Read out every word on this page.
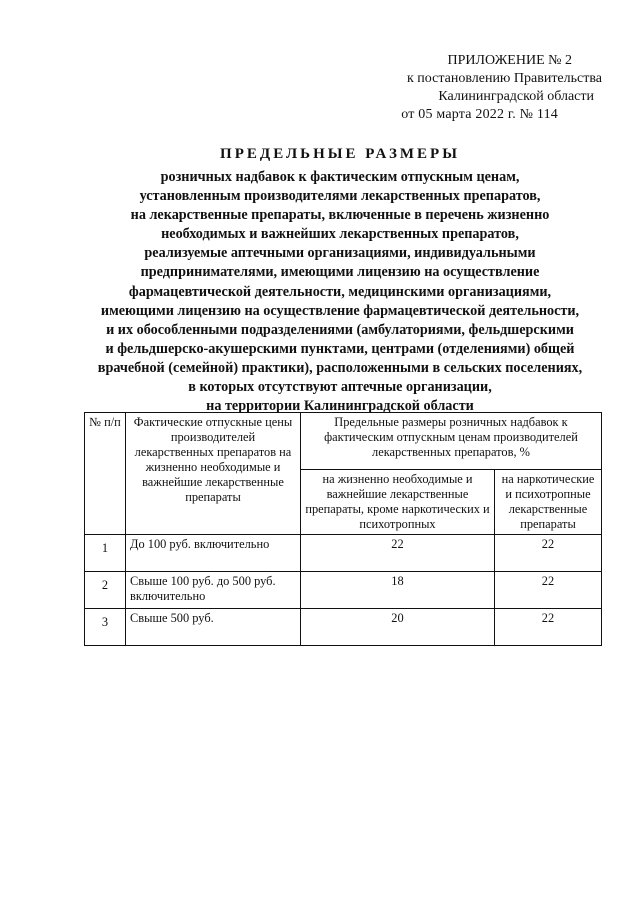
ПРИЛОЖЕНИЕ № 2
к постановлению Правительства
Калининградской области
от 05 марта 2022 г. № 114
ПРЕДЕЛЬНЫЕ РАЗМЕРЫ
розничных надбавок к фактическим отпускным ценам,
установленным производителями лекарственных препаратов,
на лекарственные препараты, включенные в перечень жизненно
необходимых и важнейших лекарственных препаратов,
реализуемые аптечными организациями, индивидуальными
предпринимателями, имеющими лицензию на осуществление
фармацевтической деятельности, медицинскими организациями,
имеющими лицензию на осуществление фармацевтической деятельности,
и их обособленными подразделениями (амбулаториями, фельдшерскими
и фельдшерско-акушерскими пунктами, центрами (отделениями) общей
врачебной (семейной) практики), расположенными в сельских поселениях,
в которых отсутствуют аптечные организации,
на территории Калининградской области
№ п/п	Фактические отпускные цены производителей лекарственных препаратов на жизненно необходимые и важнейшие лекарственные препараты	Предельные размеры розничных надбавок к фактическим отпускным ценам производителей лекарственных препаратов, %	
		на жизненно необходимые и важнейшие лекарственные препараты, кроме наркотических и психотропных	на наркотические и психотропные лекарственные препараты
1	До 100 руб. включительно	22	22
2	Свыше 100 руб. до 500 руб. включительно	18	22
3	Свыше 500 руб.	20	22
